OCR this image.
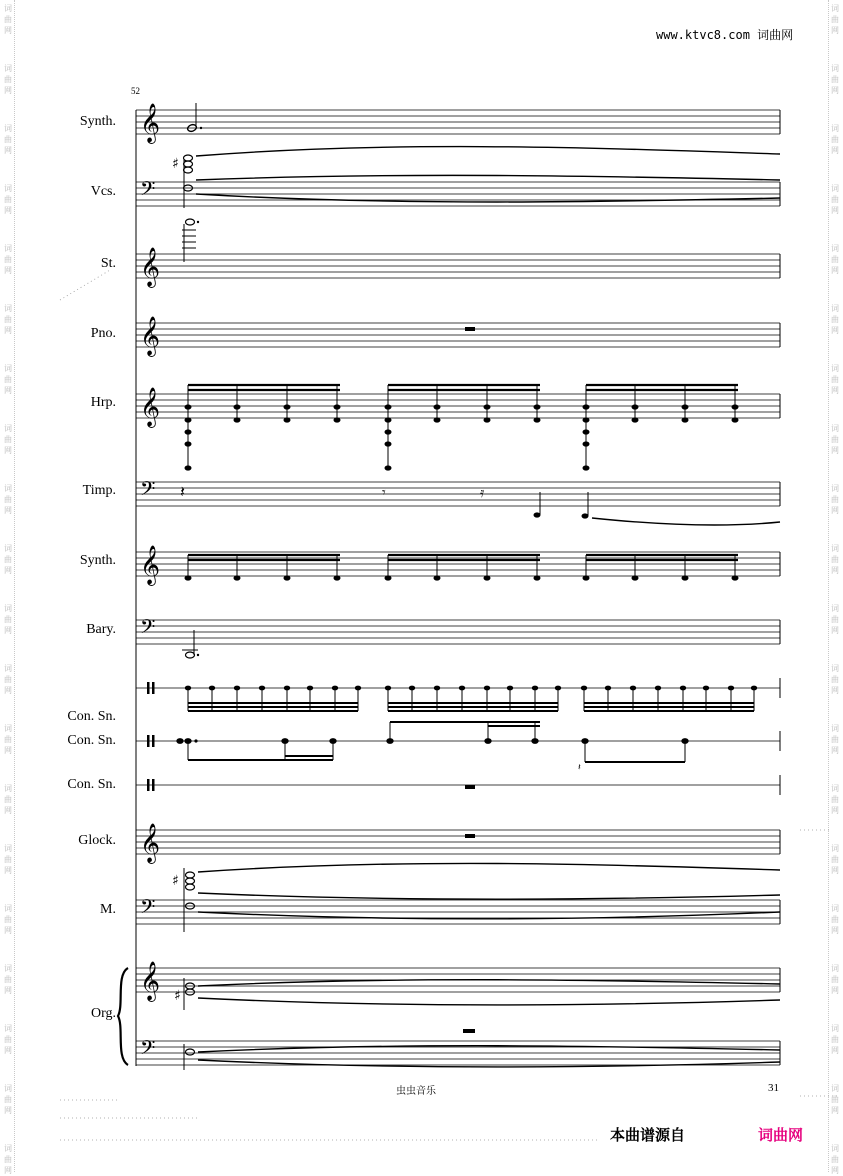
词
曲
网
词
曲
网
词
曲
网
词
曲
网
词
曲
网
词
曲
网
词
曲
网
词
曲
网
词
曲
网
词
曲
网
词
曲
网
词
曲
网
词
曲
网
词
曲
网
词
曲
网
词
曲
网
词
曲
网
词
曲
网
词
曲
网
词
曲
网
词
曲
网
词
曲
网
词
曲
网
词
曲
网
词
曲
网
词
曲
网
词
曲
网
词
曲
网
词
曲
网
词
曲
网
词
曲
网
词
曲
网
词
曲
网
词
曲
网
词
曲
网
词
曲
网
词
曲
网
词
曲
网
词
曲
网
词
曲
网
www.ktvc8.com 词曲网
52
Synth.
Vcs.
St.
Pno.
Hrp.
Timp.
Synth.
Bary.
Con. Sn.
Con. Sn.
Con. Sn.
Glock.
M.
Org.
𝄞
𝄢
𝄞
𝄞
𝄞
𝄢
𝄞
𝄢
𝄞
𝄢
𝄞
𝄢
♯
𝄽	𝄾	𝄿
𝄽
♯
♯
虫虫音乐	31
本曲谱源自	词曲网
